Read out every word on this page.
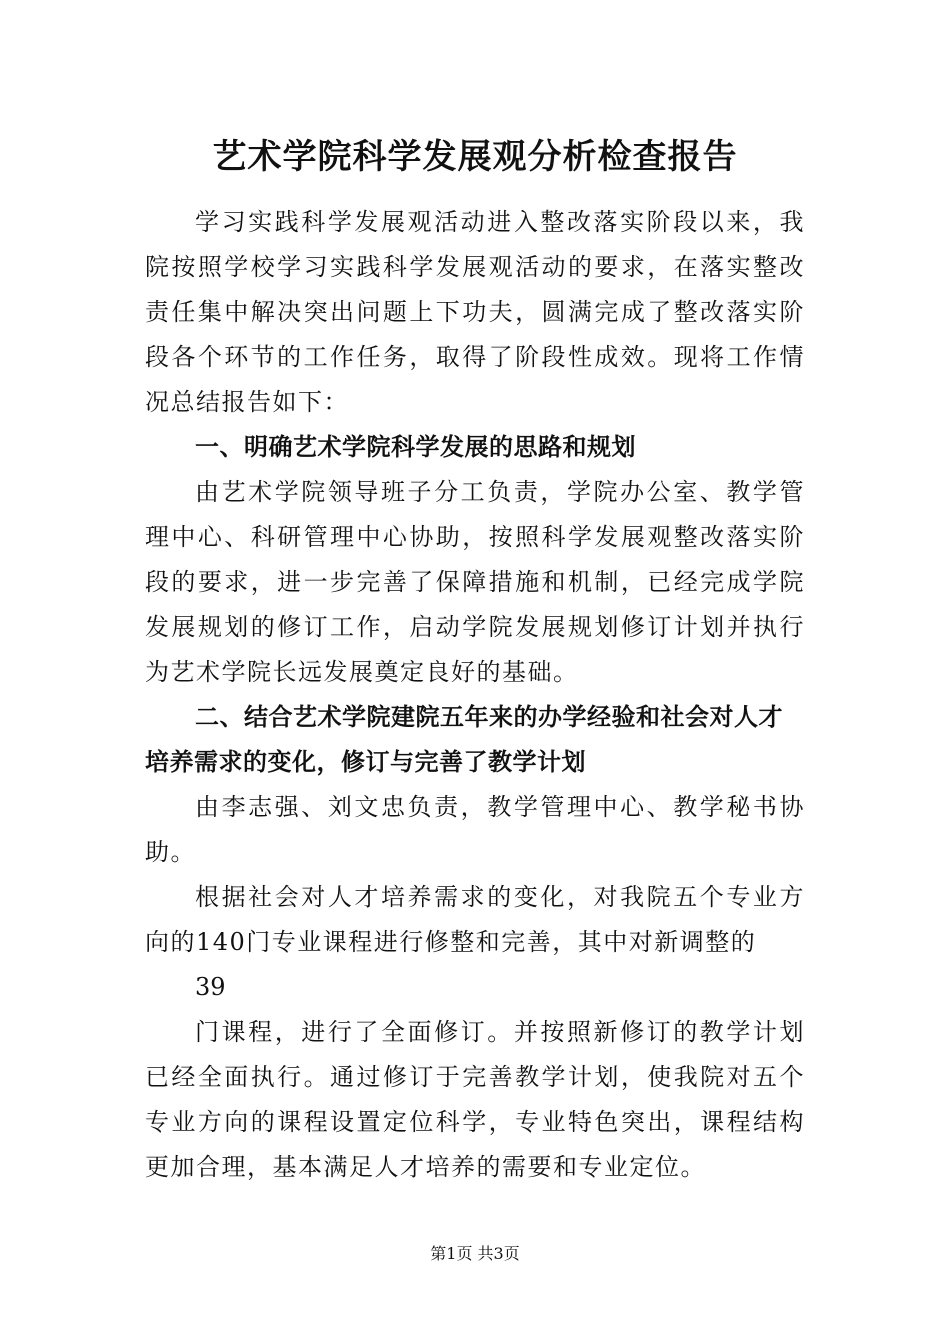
艺术学院科学发展观分析检查报告

学习实践科学发展观活动进入整改落实阶段以来，我院按照学校学习实践科学发展观活动的要求，在落实整改责任集中解决突出问题上下功夫，圆满完成了整改落实阶段各个环节的工作任务，取得了阶段性成效。现将工作情况总结报告如下：

一、明确艺术学院科学发展的思路和规划

由艺术学院领导班子分工负责，学院办公室、教学管理中心、科研管理中心协助，按照科学发展观整改落实阶段的要求，进一步完善了保障措施和机制，已经完成学院发展规划的修订工作，启动学院发展规划修订计划并执行为艺术学院长远发展奠定良好的基础。

二、结合艺术学院建院五年来的办学经验和社会对人才培养需求的变化，修订与完善了教学计划

由李志强、刘文忠负责，教学管理中心、教学秘书协助。

根据社会对人才培养需求的变化，对我院五个专业方向的140门专业课程进行修整和完善，其中对新调整的

39

门课程，进行了全面修订。并按照新修订的教学计划已经全面执行。通过修订于完善教学计划，使我院对五个专业方向的课程设置定位科学，专业特色突出，课程结构更加合理，基本满足人才培养的需要和专业定位。

第1页 共3页
